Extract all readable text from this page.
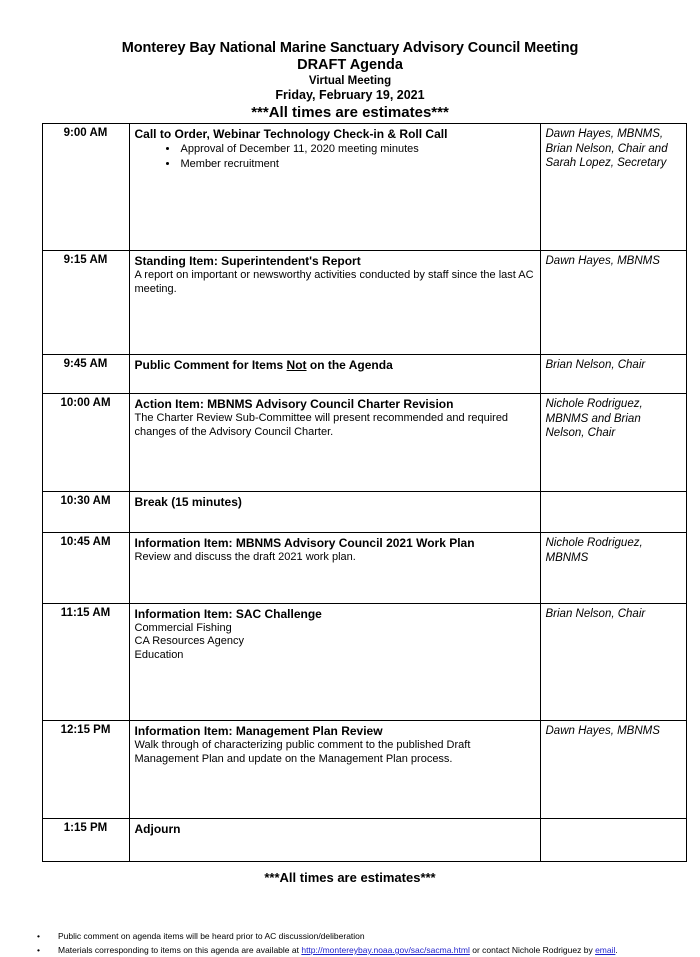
Monterey Bay National Marine Sanctuary Advisory Council Meeting
DRAFT Agenda
Virtual Meeting
Friday, February 19, 2021
***All times are estimates***
9:00 AM	Call to Order, Webinar Technology Check-in & Roll Call
• Approval of December 11, 2020 meeting minutes
• Member recruitment
	Dawn Hayes, MBNMS, Brian Nelson, Chair and Sarah Lopez, Secretary
9:15 AM	Standing Item: Superintendent's Report
A report on important or newsworthy activities conducted by staff since the last AC meeting.	Dawn Hayes, MBNMS
9:45 AM	Public Comment for Items Not on the Agenda	Brian Nelson, Chair
10:00 AM	Action Item: MBNMS Advisory Council Charter Revision
The Charter Review Sub-Committee will present recommended and required changes of the Advisory Council Charter.	Nichole Rodriguez, MBNMS and Brian Nelson, Chair
10:30 AM	Break (15 minutes)	

10:45 AM	Information Item: MBNMS Advisory Council 2021 Work Plan
Review and discuss the draft 2021 work plan.	Nichole Rodriguez, MBNMS
11:15 AM	Information Item: SAC Challenge
Commercial Fishing
CA Resources Agency
Education	Brian Nelson, Chair
12:15 PM	Information Item: Management Plan Review
Walk through of characterizing public comment to the published Draft Management Plan and update on the Management Plan process.	Dawn Hayes, MBNMS
1:15 PM	Adjourn	

***All times are estimates***
• Public comment on agenda items will be heard prior to AC discussion/deliberation
• Materials corresponding to items on this agenda are available at http://montereybay.noaa.gov/sac/sacma.html or contact Nichole Rodriguez by email.
